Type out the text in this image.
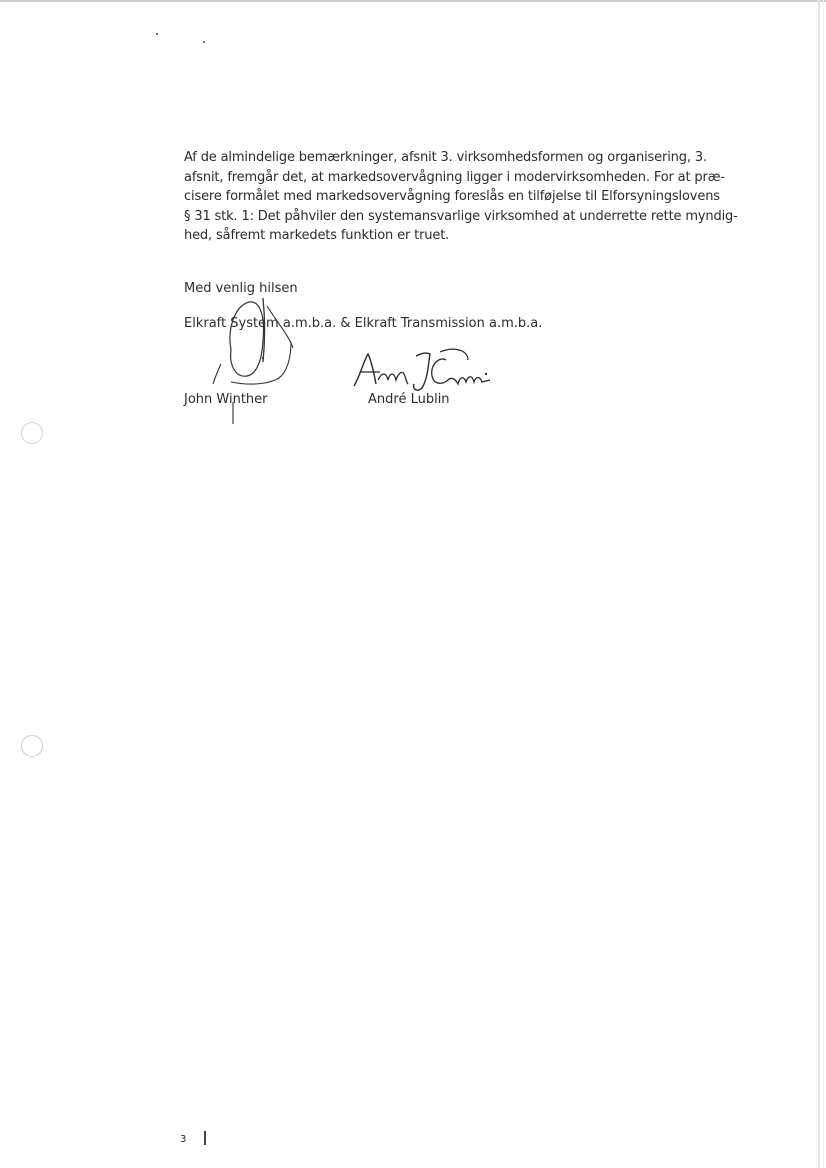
Af de almindelige bemærkninger, afsnit 3. virksomhedsformen og organisering, 3.
afsnit, fremgår det, at markedsovervågning ligger i modervirksomheden. For at præ-
cisere formålet med markedsovervågning foreslås en tilføjelse til Elforsyningslovens
§ 31 stk. 1: Det påhviler den systemansvarlige virksomhed at underrette rette myndig-
hed, såfremt markedets funktion er truet.
Med venlig hilsen
Elkraft System a.m.b.a. & Elkraft Transmission a.m.b.a.
John Winther	André Lublin
3
